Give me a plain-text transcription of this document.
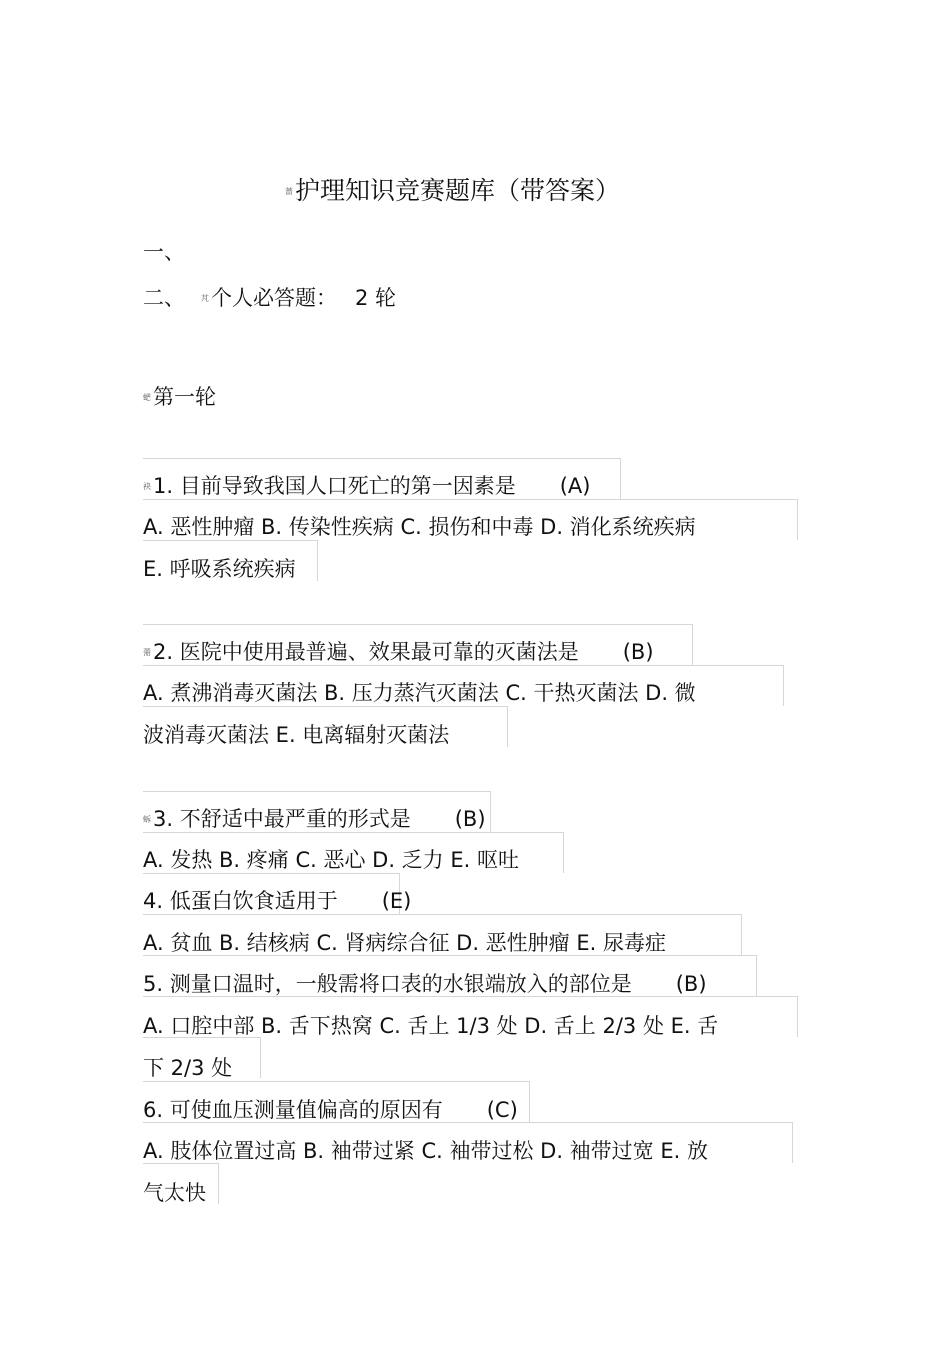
蔷护理知识竞赛题库（带答案）
一、
二、 芃个人必答题： 2 轮
蚆第一轮
袂1. 目前导致我国人口死亡的第一因素是 (A)
A. 恶性肿瘤 B. 传染性疾病 C. 损伤和中毒 D. 消化系统疾病
E. 呼吸系统疾病
薷2. 医院中使用最普遍、效果最可靠的灭菌法是 (B)
A. 煮沸消毒灭菌法 B. 压力蒸汽灭菌法 C. 干热灭菌法 D. 微
波消毒灭菌法 E. 电离辐射灭菌法
蚸3. 不舒适中最严重的形式是 (B)
A. 发热 B. 疼痛 C. 恶心 D. 乏力 E. 呕吐
4. 低蛋白饮食适用于 (E)
A. 贫血 B. 结核病 C. 肾病综合征 D. 恶性肿瘤 E. 尿毒症
5. 测量口温时，一般需将口表的水银端放入的部位是 (B)
A. 口腔中部 B. 舌下热窝 C. 舌上 1/3 处 D. 舌上 2/3 处 E. 舌
下 2/3 处
6. 可使血压测量值偏高的原因有 (C)
A. 肢体位置过高 B. 袖带过紧 C. 袖带过松 D. 袖带过宽 E. 放
气太快
